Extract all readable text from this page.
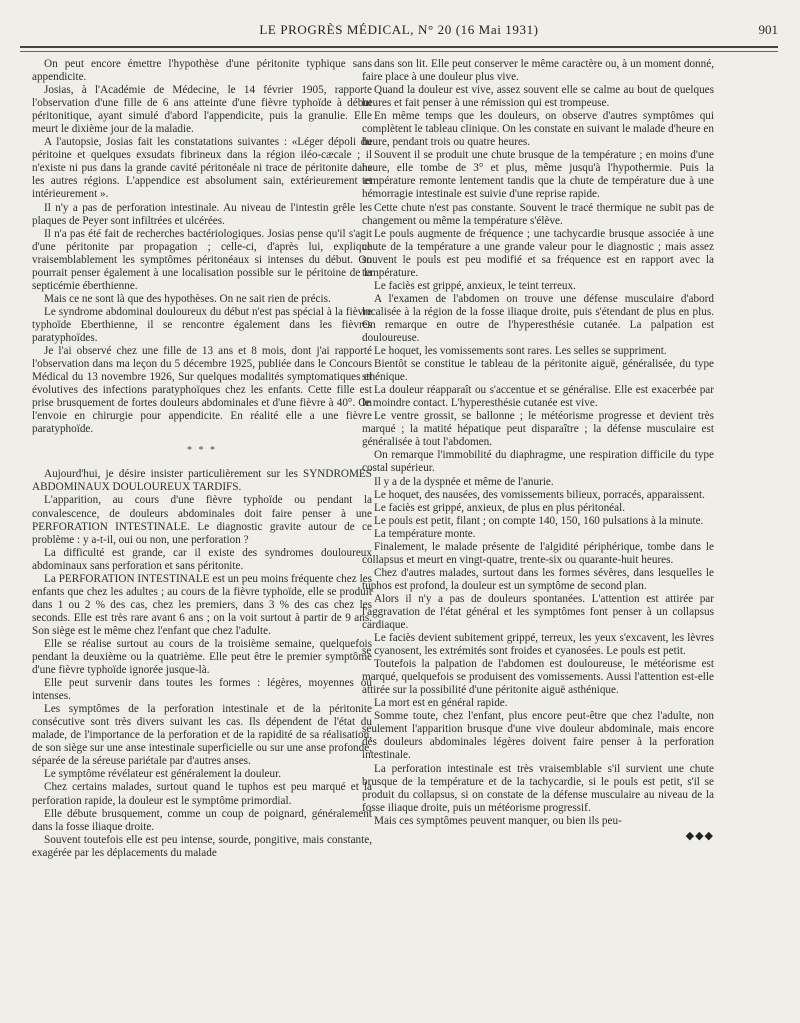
LE PROGRÈS MÉDICAL, N° 20 (16 Mai 1931)	901

On peut encore émettre l'hypothèse d'une péritonite typhique sans appendicite.

Josias, à l'Académie de Médecine, le 14 février 1905, rapporte l'observation d'une fille de 6 ans atteinte d'une fièvre typhoïde à début péritonitique, ayant simulé d'abord l'appendicite, puis la granulie. Elle meurt le dixième jour de la maladie.

A l'autopsie, Josias fait les constatations suivantes : «Léger dépoli du péritoine et quelques exsudats fibrineux dans la région iléo-cæcale ; il n'existe ni pus dans la grande cavité péritonéale ni trace de péritonite dans les autres régions. L'appendice est absolument sain, extérieurement et intérieurement ».

Il n'y a pas de perforation intestinale. Au niveau de l'intestin grêle les plaques de Peyer sont infiltrées et ulcérées.

Il n'a pas été fait de recherches bactériologiques. Josias pense qu'il s'agit d'une péritonite par propagation ; celle-ci, d'après lui, explique vraisemblablement les symptômes péritonéaux si intenses du début. On pourrait penser également à une localisation possible sur le péritoine de la septicémie éberthienne.

Mais ce ne sont là que des hypothèses. On ne sait rien de précis.

Le syndrome abdominal douloureux du début n'est pas spécial à la fièvre typhoïde Eberthienne, il se rencontre également dans les fièvres paratyphoïdes.

Je l'ai observé chez une fille de 13 ans et 8 mois, dont j'ai rapporté l'observation dans ma leçon du 5 décembre 1925, publiée dans le Concours Médical du 13 novembre 1926, Sur quelques modalités symptomatiques et évolutives des infections paratyphoïques chez les enfants. Cette fille est prise brusquement de fortes douleurs abdominales et d'une fièvre à 40°. On l'envoie en chirurgie pour appendicite. En réalité elle a une fièvre paratyphoïde.

* * *

Aujourd'hui, je désire insister particulièrement sur les SYNDROMES ABDOMINAUX DOULOUREUX TARDIFS.

L'apparition, au cours d'une fièvre typhoïde ou pendant la convalescence, de douleurs abdominales doit faire penser à une PERFORATION INTESTINALE. Le diagnostic gravite autour de ce problème : y a-t-il, oui ou non, une perforation ?

La difficulté est grande, car il existe des syndromes douloureux abdominaux sans perforation et sans péritonite.

La PERFORATION INTESTINALE est un peu moins fréquente chez les enfants que chez les adultes ; au cours de la fièvre typhoïde, elle se produit dans 1 ou 2 % des cas, chez les premiers, dans 3 % des cas chez les seconds. Elle est très rare avant 6 ans ; on la voit surtout à partir de 9 ans. Son siège est le même chez l'enfant que chez l'adulte.

Elle se réalise surtout au cours de la troisième semaine, quelquefois pendant la deuxième ou la quatrième. Elle peut être le premier symptôme d'une fièvre typhoïde ignorée jusque-là.

Elle peut survenir dans toutes les formes : légères, moyennes ou intenses.

Les symptômes de la perforation intestinale et de la péritonite consécutive sont très divers suivant les cas. Ils dépendent de l'état du malade, de l'importance de la perforation et de la rapidité de sa réalisation, de son siège sur une anse intestinale superficielle ou sur une anse profonde, séparée de la séreuse pariétale par d'autres anses.

Le symptôme révélateur est généralement la douleur.

Chez certains malades, surtout quand le tuphos est peu marqué et la perforation rapide, la douleur est le symptôme primordial.

Elle débute brusquement, comme un coup de poignard, généralement dans la fosse iliaque droite.

Souvent toutefois elle est peu intense, sourde, pongitive, mais constante, exagérée par les déplacements du malade

dans son lit. Elle peut conserver le même caractère ou, à un moment donné, faire place à une douleur plus vive.

Quand la douleur est vive, assez souvent elle se calme au bout de quelques heures et fait penser à une rémission qui est trompeuse.

En même temps que les douleurs, on observe d'autres symptômes qui complètent le tableau clinique. On les constate en suivant le malade d'heure en heure, pendant trois ou quatre heures.

Souvent il se produit une chute brusque de la température ; en moins d'une heure, elle tombe de 3° et plus, même jusqu'à l'hypothermie. Puis la température remonte lentement tandis que la chute de température due à une hémorragie intestinale est suivie d'une reprise rapide.

Cette chute n'est pas constante. Souvent le tracé thermique ne subit pas de changement ou même la température s'élève.

Le pouls augmente de fréquence ; une tachycardie brusque associée à une chute de la température a une grande valeur pour le diagnostic ; mais assez souvent le pouls est peu modifié et sa fréquence est en rapport avec la température.

Le faciès est grippé, anxieux, le teint terreux.

A l'examen de l'abdomen on trouve une défense musculaire d'abord localisée à la région de la fosse iliaque droite, puis s'étendant de plus en plus. On remarque en outre de l'hyperesthésie cutanée. La palpation est douloureuse.

Le hoquet, les vomissements sont rares. Les selles se suppriment.

Bientôt se constitue le tableau de la péritonite aiguë, généralisée, du type sthénique.

La douleur réapparaît ou s'accentue et se généralise. Elle est exacerbée par le moindre contact. L'hyperesthésie cutanée est vive.

Le ventre grossit, se ballonne ; le météorisme progresse et devient très marqué ; la matité hépatique peut disparaître ; la défense musculaire est généralisée à tout l'abdomen.

On remarque l'immobilité du diaphragme, une respiration difficile du type costal supérieur.

Il y a de la dyspnée et même de l'anurie.

Le hoquet, des nausées, des vomissements bilieux, porracés, apparaissent.

Le faciès est grippé, anxieux, de plus en plus péritonéal.

Le pouls est petit, filant ; on compte 140, 150, 160 pulsations à la minute.

La température monte.

Finalement, le malade présente de l'algidité périphérique, tombe dans le collapsus et meurt en vingt-quatre, trente-six ou quarante-huit heures.

Chez d'autres malades, surtout dans les formes sévères, dans lesquelles le tuphos est profond, la douleur est un symptôme de second plan.

Alors il n'y a pas de douleurs spontanées. L'attention est attirée par l'aggravation de l'état général et les symptômes font penser à un collapsus cardiaque.

Le faciès devient subitement grippé, terreux, les yeux s'excavent, les lèvres se cyanosent, les extrémités sont froides et cyanosées. Le pouls est petit.

Toutefois la palpation de l'abdomen est douloureuse, le météorisme est marqué, quelquefois se produisent des vomissements. Aussi l'attention est-elle attirée sur la possibilité d'une péritonite aiguë asthénique.

La mort est en général rapide.

Somme toute, chez l'enfant, plus encore peut-être que chez l'adulte, non seulement l'apparition brusque d'une vive douleur abdominale, mais encore des douleurs abdominales légères doivent faire penser à la perforation intestinale.

La perforation intestinale est très vraisemblable s'il survient une chute brusque de la température et de la tachycardie, si le pouls est petit, s'il se produit du collapsus, si on constate de la défense musculaire au niveau de la fosse iliaque droite, puis un météorisme progressif.

Mais ces symptômes peuvent manquer, ou bien ils peu-

◆◆◆
